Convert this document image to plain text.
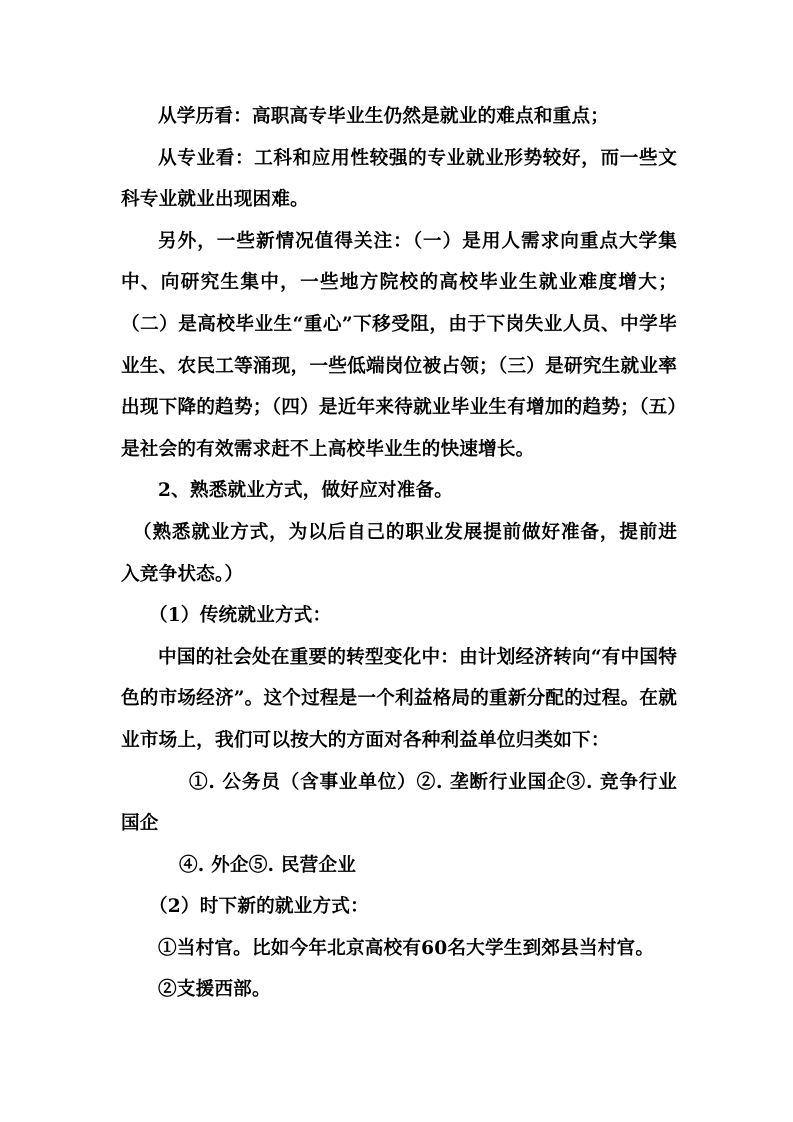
从学历看：高职高专毕业生仍然是就业的难点和重点；

从专业看：工科和应用性较强的专业就业形势较好，而一些文科专业就业出现困难。

另外，一些新情况值得关注：（一）是用人需求向重点大学集中、向研究生集中，一些地方院校的高校毕业生就业难度增大；（二）是高校毕业生“重心”下移受阻，由于下岗失业人员、中学毕业生、农民工等涌现，一些低端岗位被占领；（三）是研究生就业率出现下降的趋势；（四）是近年来待就业毕业生有增加的趋势；（五）是社会的有效需求赶不上高校毕业生的快速增长。

2、熟悉就业方式，做好应对准备。

（熟悉就业方式，为以后自己的职业发展提前做好准备，提前进入竞争状态。）

（1）传统就业方式：

中国的社会处在重要的转型变化中：由计划经济转向“有中国特色的市场经济”。这个过程是一个利益格局的重新分配的过程。在就业市场上，我们可以按大的方面对各种利益单位归类如下：

①. 公务员（含事业单位）②. 垄断行业国企③. 竞争行业国企

④. 外企⑤. 民营企业

（2）时下新的就业方式：

①当村官。比如今年北京高校有60名大学生到郊县当村官。

②支援西部。
